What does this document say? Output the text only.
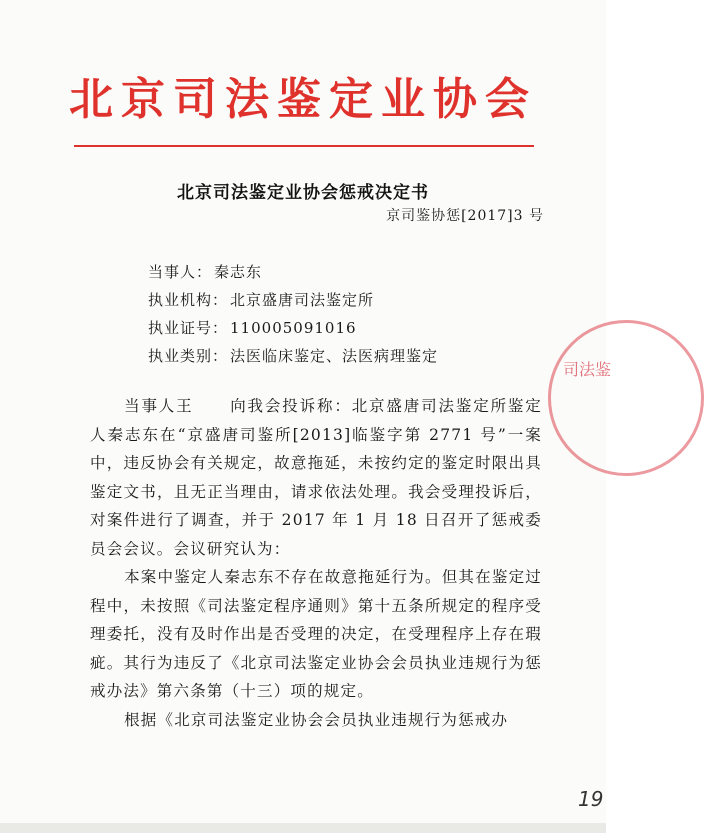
北京司法鉴定业协会
北京司法鉴定业协会惩戒决定书
京司鉴协惩[2017]3 号
当事人： 秦志东
执业机构： 北京盛唐司法鉴定所
执业证号： 110005091016
执业类别： 法医临床鉴定、法医病理鉴定

当事人王 向我会投诉称：北京盛唐司法鉴定所鉴定人秦志东在“京盛唐司鉴所[2013]临鉴字第 2771 号”一案中，违反协会有关规定，故意拖延，未按约定的鉴定时限出具鉴定文书，且无正当理由，请求依法处理。我会受理投诉后，对案件进行了调查，并于 2017 年 1 月 18 日召开了惩戒委员会会议。会议研究认为：

本案中鉴定人秦志东不存在故意拖延行为。但其在鉴定过程中，未按照《司法鉴定程序通则》第十五条所规定的程序受理委托，没有及时作出是否受理的决定，在受理程序上存在瑕疵。其行为违反了《北京司法鉴定业协会会员执业违规行为惩戒办法》第六条第（十三）项的规定。

根据《北京司法鉴定业协会会员执业违规行为惩戒办

司法鉴
19
